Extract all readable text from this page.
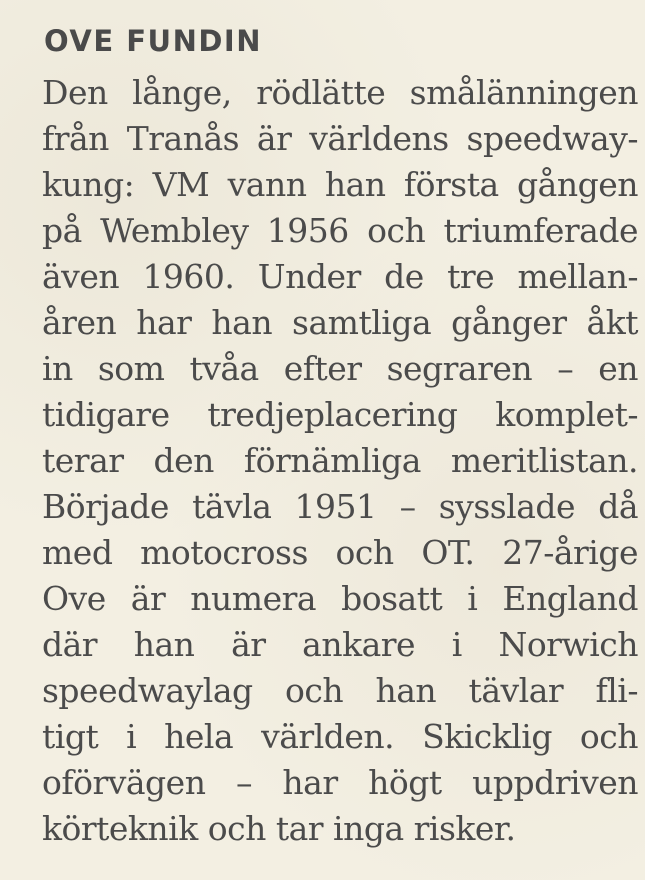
OVE FUNDIN
Den långe, rödlätte smålänningen
från Tranås är världens speedway-
kung: VM vann han första gången
på Wembley 1956 och triumferade
även 1960. Under de tre mellan-
åren har han samtliga gånger åkt
in som tvåa efter segraren – en
tidigare tredjeplacering komplet-
terar den förnämliga meritlistan.
Började tävla 1951 – sysslade då
med motocross och OT. 27-årige
Ove är numera bosatt i England
där han är ankare i Norwich
speedwaylag och han tävlar fli-
tigt i hela världen. Skicklig och
oförvägen – har högt uppdriven
körteknik och tar inga risker.
